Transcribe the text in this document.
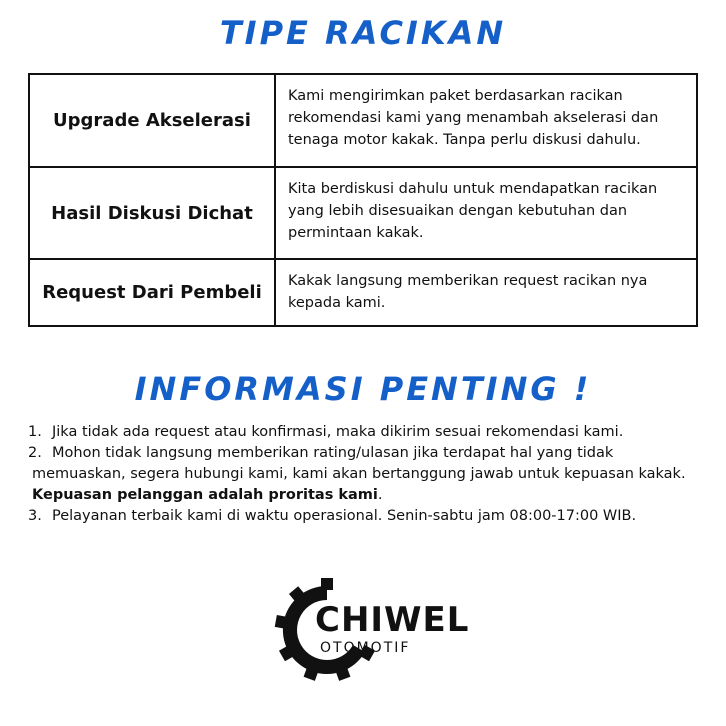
TIPE RACIKAN
Upgrade Akselerasi	Kami mengirimkan paket berdasarkan racikan rekomendasi kami yang menambah akselerasi dan tenaga motor kakak. Tanpa perlu diskusi dahulu.
Hasil Diskusi Dichat	Kita berdiskusi dahulu untuk mendapatkan racikan yang lebih disesuaikan dengan kebutuhan dan permintaan kakak.
Request Dari Pembeli	Kakak langsung memberikan request racikan nya kepada kami.
INFORMASI PENTING !
1. Jika tidak ada request atau konfirmasi, maka dikirim sesuai rekomendasi kami.
2. Mohon tidak langsung memberikan rating/ulasan jika terdapat hal yang tidak
memuaskan, segera hubungi kami, kami akan bertanggung jawab untuk kepuasan kakak.
Kepuasan pelanggan adalah proritas kami.
3. Pelayanan terbaik kami di waktu operasional. Senin-sabtu jam 08:00-17:00 WIB.
CHIWEL
OTOMOTIF
